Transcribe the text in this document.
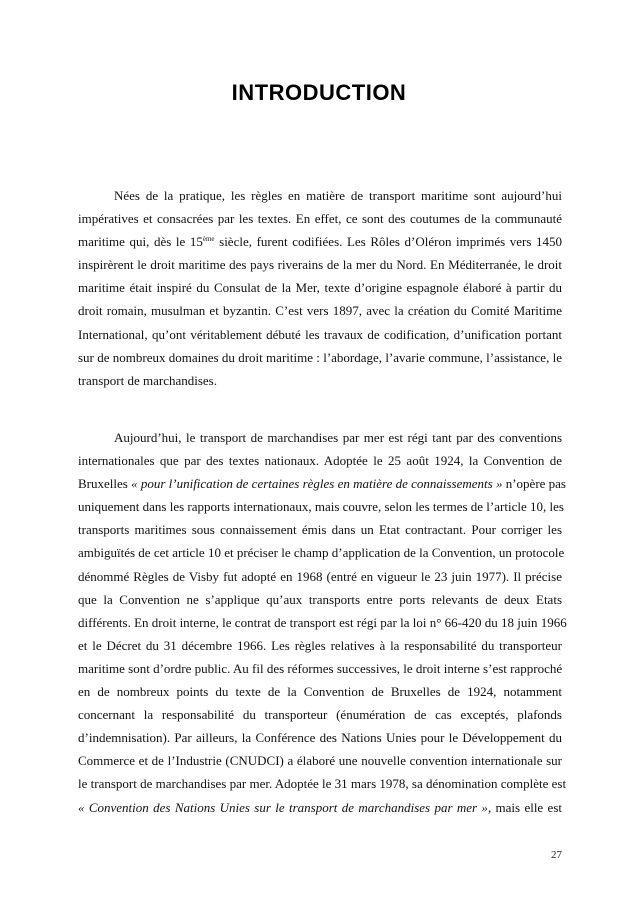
INTRODUCTION
Nées de la pratique, les règles en matière de transport maritime sont aujourd’hui
impératives et consacrées par les textes. En effet, ce sont des coutumes de la communauté
maritime qui, dès le 15ème siècle, furent codifiées. Les Rôles d’Oléron imprimés vers 1450
inspirèrent le droit maritime des pays riverains de la mer du Nord. En Méditerranée, le droit
maritime était inspiré du Consulat de la Mer, texte d’origine espagnole élaboré à partir du
droit romain, musulman et byzantin. C’est vers 1897, avec la création du Comité Maritime
International, qu’ont véritablement débuté les travaux de codification, d’unification portant
sur de nombreux domaines du droit maritime : l’abordage, l’avarie commune, l’assistance, le
transport de marchandises.
Aujourd’hui, le transport de marchandises par mer est régi tant par des conventions
internationales que par des textes nationaux. Adoptée le 25 août 1924, la Convention de
Bruxelles « pour l’unification de certaines règles en matière de connaissements » n’opère pas
uniquement dans les rapports internationaux, mais couvre, selon les termes de l’article 10, les
transports maritimes sous connaissement émis dans un Etat contractant. Pour corriger les
ambiguïtés de cet article 10 et préciser le champ d’application de la Convention, un protocole
dénommé Règles de Visby fut adopté en 1968 (entré en vigueur le 23 juin 1977). Il précise
que la Convention ne s’applique qu’aux transports entre ports relevants de deux Etats
différents. En droit interne, le contrat de transport est régi par la loi n° 66-420 du 18 juin 1966
et le Décret du 31 décembre 1966. Les règles relatives à la responsabilité du transporteur
maritime sont d’ordre public. Au fil des réformes successives, le droit interne s’est rapproché
en de nombreux points du texte de la Convention de Bruxelles de 1924, notamment
concernant la responsabilité du transporteur (énumération de cas exceptés, plafonds
d’indemnisation). Par ailleurs, la Conférence des Nations Unies pour le Développement du
Commerce et de l’Industrie (CNUDCI) a élaboré une nouvelle convention internationale sur
le transport de marchandises par mer. Adoptée le 31 mars 1978, sa dénomination complète est
« Convention des Nations Unies sur le transport de marchandises par mer », mais elle est
27
